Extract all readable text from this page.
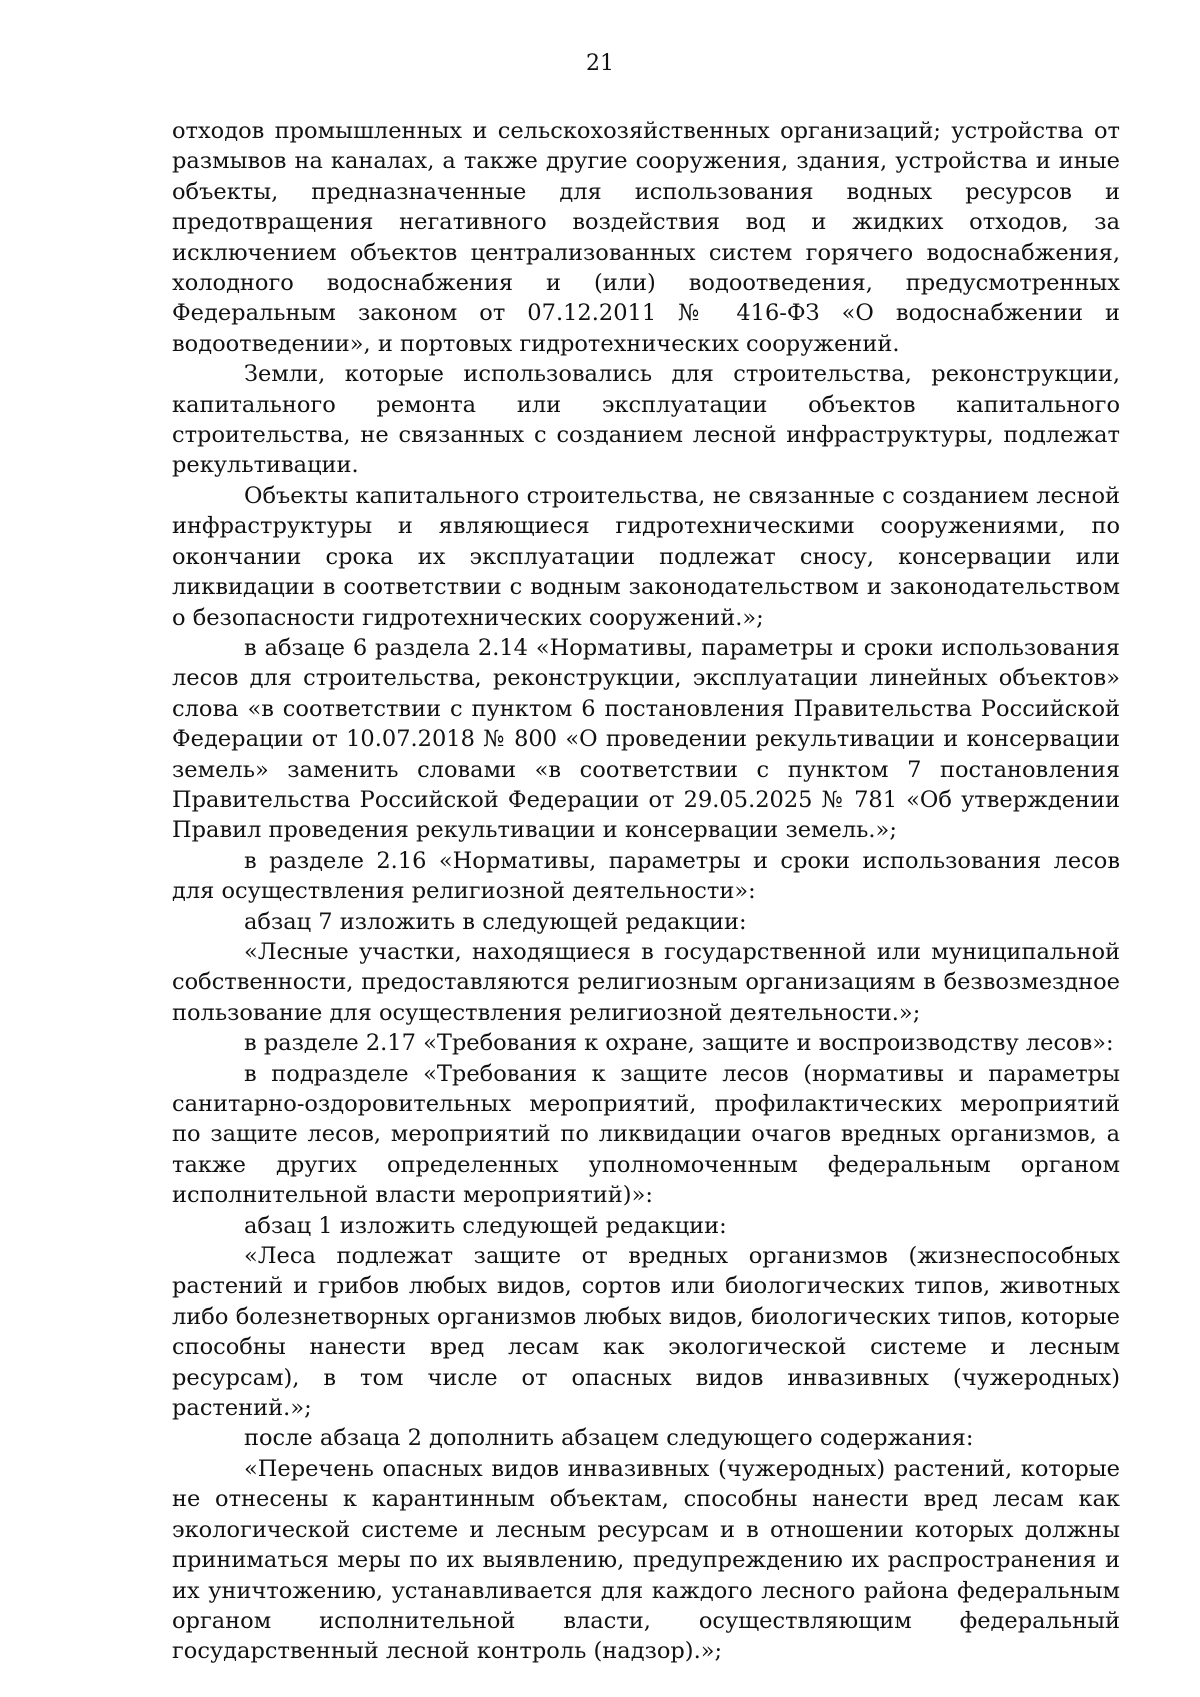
21

отходов промышленных и сельскохозяйственных организаций; устройства от размывов на каналах, а также другие сооружения, здания, устройства и иные объекты, предназначенные для использования водных ресурсов и предотвращения негативного воздействия вод и жидких отходов, за исключением объектов централизованных систем горячего водоснабжения, холодного водоснабжения и (или) водоотведения, предусмотренных Федеральным законом от 07.12.2011 № 416-ФЗ «О водоснабжении и водоотведении», и портовых гидротехнических сооружений.

Земли, которые использовались для строительства, реконструкции, капитального ремонта или эксплуатации объектов капитального строительства, не связанных с созданием лесной инфраструктуры, подлежат рекультивации.

Объекты капитального строительства, не связанные с созданием лесной инфраструктуры и являющиеся гидротехническими сооружениями, по окончании срока их эксплуатации подлежат сносу, консервации или ликвидации в соответствии с водным законодательством и законодательством о безопасности гидротехнических сооружений.»;

в абзаце 6 раздела 2.14 «Нормативы, параметры и сроки использования лесов для строительства, реконструкции, эксплуатации линейных объектов» слова «в соответствии с пунктом 6 постановления Правительства Российской Федерации от 10.07.2018 № 800 «О проведении рекультивации и консервации земель» заменить словами «в соответствии с пунктом 7 постановления Правительства Российской Федерации от 29.05.2025 № 781 «Об утверждении Правил проведения рекультивации и консервации земель.»;

в разделе 2.16 «Нормативы, параметры и сроки использования лесов для осуществления религиозной деятельности»:

абзац 7 изложить в следующей редакции:

«Лесные участки, находящиеся в государственной или муниципальной собственности, предоставляются религиозным организациям в безвозмездное пользование для осуществления религиозной деятельности.»;

в разделе 2.17 «Требования к охране, защите и воспроизводству лесов»:

в подразделе «Требования к защите лесов (нормативы и параметры санитарно-оздоровительных мероприятий, профилактических мероприятий по защите лесов, мероприятий по ликвидации очагов вредных организмов, а также других определенных уполномоченным федеральным органом исполнительной власти мероприятий)»:

абзац 1 изложить следующей редакции:

«Леса подлежат защите от вредных организмов (жизнеспособных растений и грибов любых видов, сортов или биологических типов, животных либо болезнетворных организмов любых видов, биологических типов, которые способны нанести вред лесам как экологической системе и лесным ресурсам), в том числе от опасных видов инвазивных (чужеродных) растений.»;

после абзаца 2 дополнить абзацем следующего содержания:

«Перечень опасных видов инвазивных (чужеродных) растений, которые не отнесены к карантинным объектам, способны нанести вред лесам как экологической системе и лесным ресурсам и в отношении которых должны приниматься меры по их выявлению, предупреждению их распространения и их уничтожению, устанавливается для каждого лесного района федеральным органом исполнительной власти, осуществляющим федеральный государственный лесной контроль (надзор).»;
